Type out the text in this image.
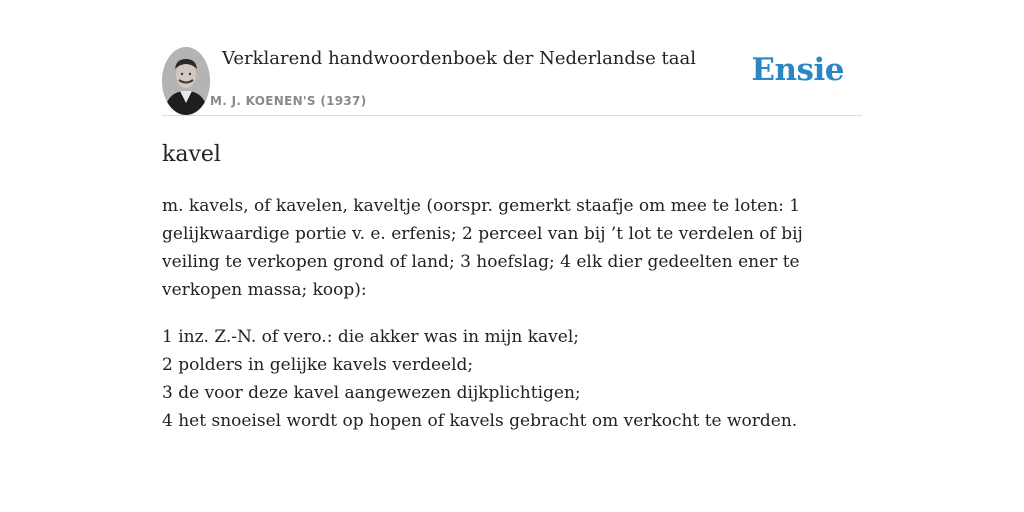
Verklarend handwoordenboek der Nederlandse taal
M. J. KOENEN'S (1937)
Ensie
kavel

m. kavels, of kavelen, kaveltje (oorspr. gemerkt staafje om mee te loten: 1 gelijkwaardige portie v. e. erfenis; 2 perceel van bij ’t lot te verdelen of bij veiling te verkopen grond of land; 3 hoefslag; 4 elk dier gedeelten ener te verkopen massa; koop):

1 inz. Z.-N. of vero.: die akker was in mijn kavel;
2 polders in gelijke kavels verdeeld;
3 de voor deze kavel aangewezen dijkplichtigen;
4 het snoeisel wordt op hopen of kavels gebracht om verkocht te worden.
